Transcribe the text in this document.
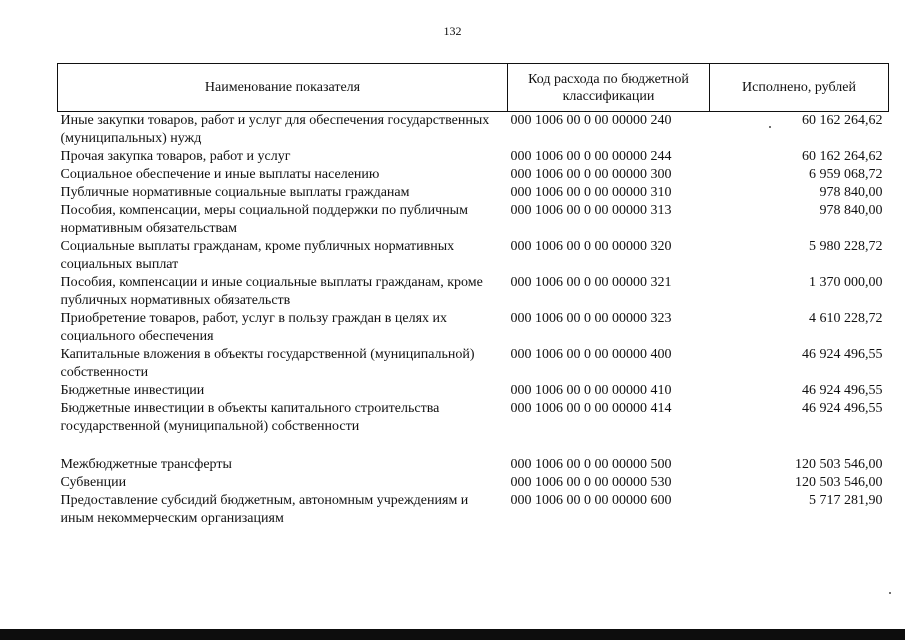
132
Наименование показателя	Код расхода по бюджетной классификации	Исполнено, рублей
Иные закупки товаров, работ и услуг для обеспечения государственных (муниципальных) нужд	000 1006 00 0 00 00000 240	60 162 264,62
Прочая закупка товаров, работ и услуг	000 1006 00 0 00 00000 244	60 162 264,62
Социальное обеспечение и иные выплаты населению	000 1006 00 0 00 00000 300	6 959 068,72
Публичные нормативные социальные выплаты гражданам	000 1006 00 0 00 00000 310	978 840,00
Пособия, компенсации, меры социальной поддержки по публичным нормативным обязательствам	000 1006 00 0 00 00000 313	978 840,00
Социальные выплаты гражданам, кроме публичных нормативных социальных выплат	000 1006 00 0 00 00000 320	5 980 228,72
Пособия, компенсации и иные социальные выплаты гражданам, кроме публичных нормативных обязательств	000 1006 00 0 00 00000 321	1 370 000,00
Приобретение товаров, работ, услуг в пользу граждан в целях их социального обеспечения	000 1006 00 0 00 00000 323	4 610 228,72
Капитальные вложения в объекты государственной (муниципальной) собственности	000 1006 00 0 00 00000 400	46 924 496,55
Бюджетные инвестиции	000 1006 00 0 00 00000 410	46 924 496,55
Бюджетные инвестиции в объекты капитального строительства государственной (муниципальной) собственности	000 1006 00 0 00 00000 414	46 924 496,55

Межбюджетные трансферты	000 1006 00 0 00 00000 500	120 503 546,00
Субвенции	000 1006 00 0 00 00000 530	120 503 546,00
Предоставление субсидий бюджетным, автономным учреждениям и иным некоммерческим организациям	000 1006 00 0 00 00000 600	5 717 281,90
